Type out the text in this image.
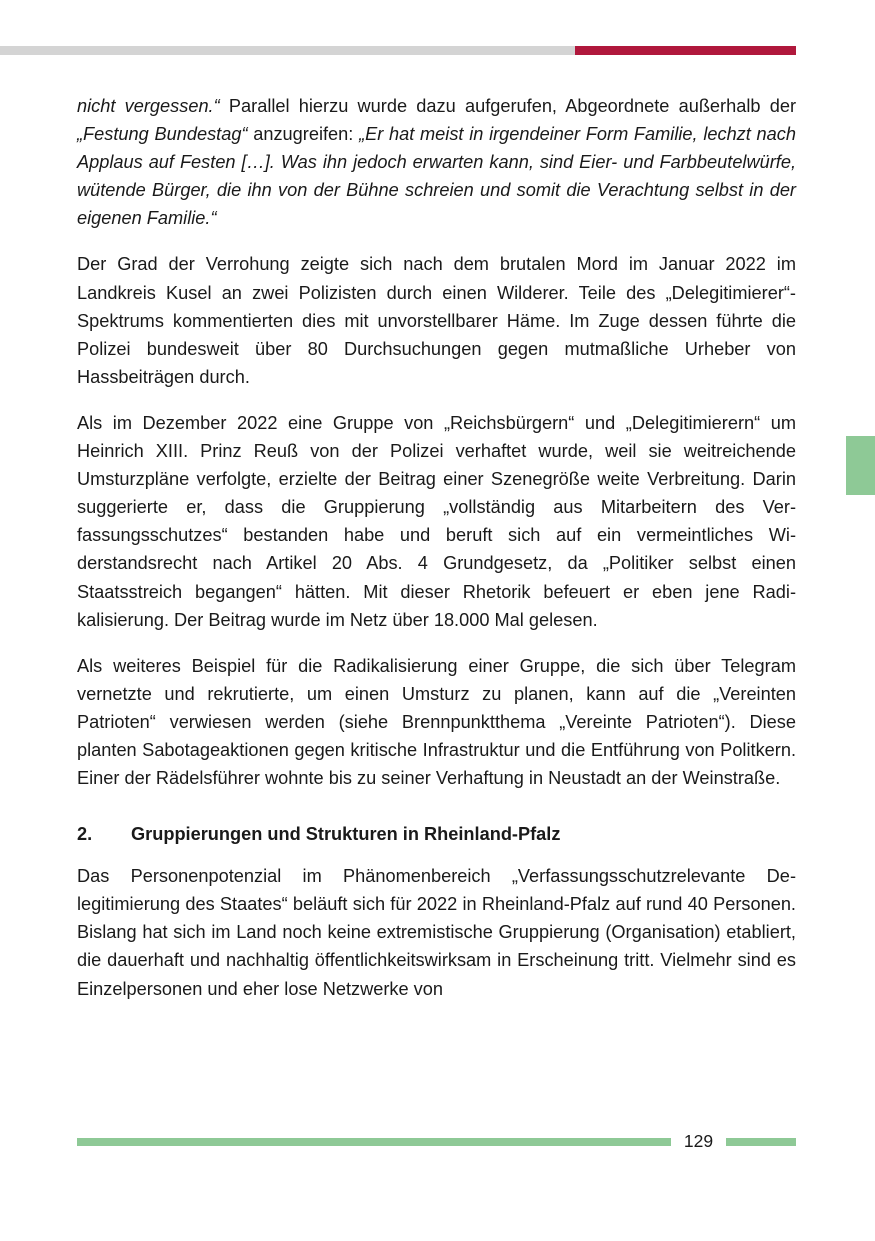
nicht vergessen.“ Parallel hierzu wurde dazu aufgerufen, Abgeordnete außerhalb der „Festung Bundestag“ anzugreifen: „Er hat meist in irgendeiner Form Familie, lechzt nach Applaus auf Festen […]. Was ihn jedoch erwarten kann, sind Eier- und Farbbeutelwürfe, wütende Bürger, die ihn von der Bühne schreien und somit die Verachtung selbst in der eigenen Familie.“

Der Grad der Verrohung zeigte sich nach dem brutalen Mord im Januar 2022 im Landkreis Kusel an zwei Polizisten durch einen Wilderer. Teile des „Delegitimierer“-Spektrums kommentierten dies mit unvorstellbarer Häme. Im Zuge dessen führte die Polizei bundesweit über 80 Durchsuchungen gegen mutmaßliche Urheber von Hassbeiträgen durch.

Als im Dezember 2022 eine Gruppe von „Reichsbürgern“ und „Delegitimierern“ um Heinrich XIII. Prinz Reuß von der Polizei verhaftet wurde, weil sie weitreichende Umsturzpläne verfolgte, erzielte der Beitrag einer Szenegröße weite Verbreitung. Darin suggerierte er, dass die Gruppierung „vollständig aus Mitarbeitern des Verfassungsschutzes“ bestanden habe und beruft sich auf ein vermeintliches Widerstandsrecht nach Artikel 20 Abs. 4 Grundgesetz, da „Politiker selbst einen Staatsstreich begangen“ hätten. Mit dieser Rhetorik befeuert er eben jene Radikalisierung. Der Beitrag wurde im Netz über 18.000 Mal gelesen.

Als weiteres Beispiel für die Radikalisierung einer Gruppe, die sich über Telegram vernetzte und rekrutierte, um einen Umsturz zu planen, kann auf die „Vereinten Patrioten“ verwiesen werden (siehe Brennpunktthema „Vereinte Patrioten“). Diese planten Sabotageaktionen gegen kritische Infrastruktur und die Entführung von Politkern. Einer der Rädelsführer wohnte bis zu seiner Verhaftung in Neustadt an der Weinstraße.

2.	Gruppierungen und Strukturen in Rheinland-Pfalz

Das Personenpotenzial im Phänomenbereich „Verfassungsschutzrelevante Delegitimierung des Staates“ beläuft sich für 2022 in Rheinland-Pfalz auf rund 40 Personen. Bislang hat sich im Land noch keine extremistische Gruppierung (Organisation) etabliert, die dauerhaft und nachhaltig öffentlichkeitswirksam in Erscheinung tritt. Vielmehr sind es Einzelpersonen und eher lose Netzwerke von

129
